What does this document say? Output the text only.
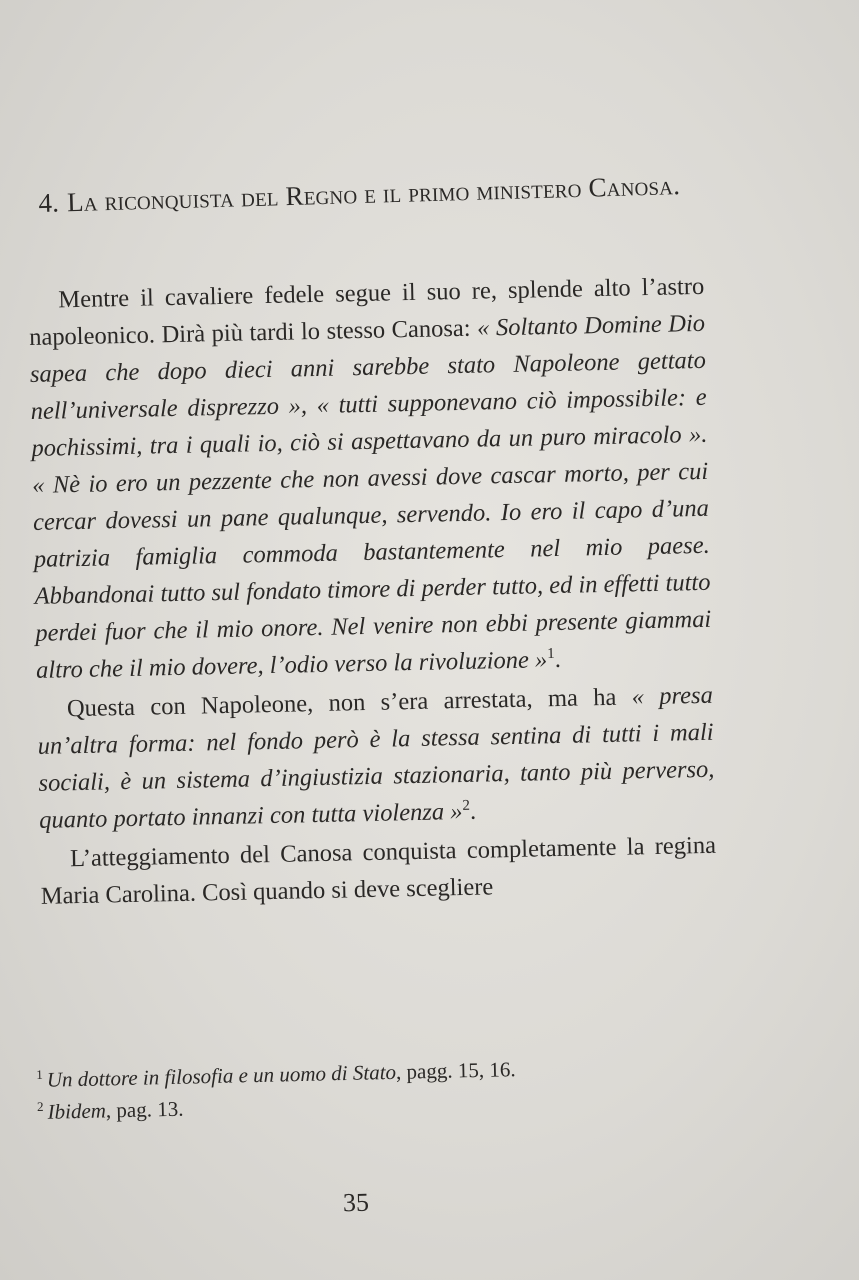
4. La riconquista del Regno e il primo ministero Canosa.

Mentre il cavaliere fedele segue il suo re, splende alto l’astro napoleonico. Dirà più tardi lo stesso Canosa: « Soltanto Domine Dio sapea che dopo dieci anni sarebbe stato Napoleone gettato nell’universale disprezzo », « tutti supponevano ciò impossibile: e pochissimi, tra i quali io, ciò si aspettavano da un puro miracolo ». « Nè io ero un pezzente che non avessi dove cascar morto, per cui cercar dovessi un pane qualunque, servendo. Io ero il capo d’una patrizia famiglia commoda bastantemente nel mio paese. Abbandonai tutto sul fondato timore di perder tutto, ed in effetti tutto perdei fuor che il mio onore. Nel venire non ebbi presente giammai altro che il mio dovere, l’odio verso la rivoluzione »$^1$.

Questa con Napoleone, non s’era arrestata, ma ha « presa un’altra forma: nel fondo però è la stessa sentina di tutti i mali sociali, è un sistema d’ingiustizia stazionaria, tanto più perverso, quanto portato innanzi con tutta violenza »$^2$.

L’atteggiamento del Canosa conquista completamente la regina Maria Carolina. Così quando si deve scegliere

$^1$ Un dottore in filosofia e un uomo di Stato, pagg. 15, 16.
$^2$ Ibidem, pag. 13.
35
